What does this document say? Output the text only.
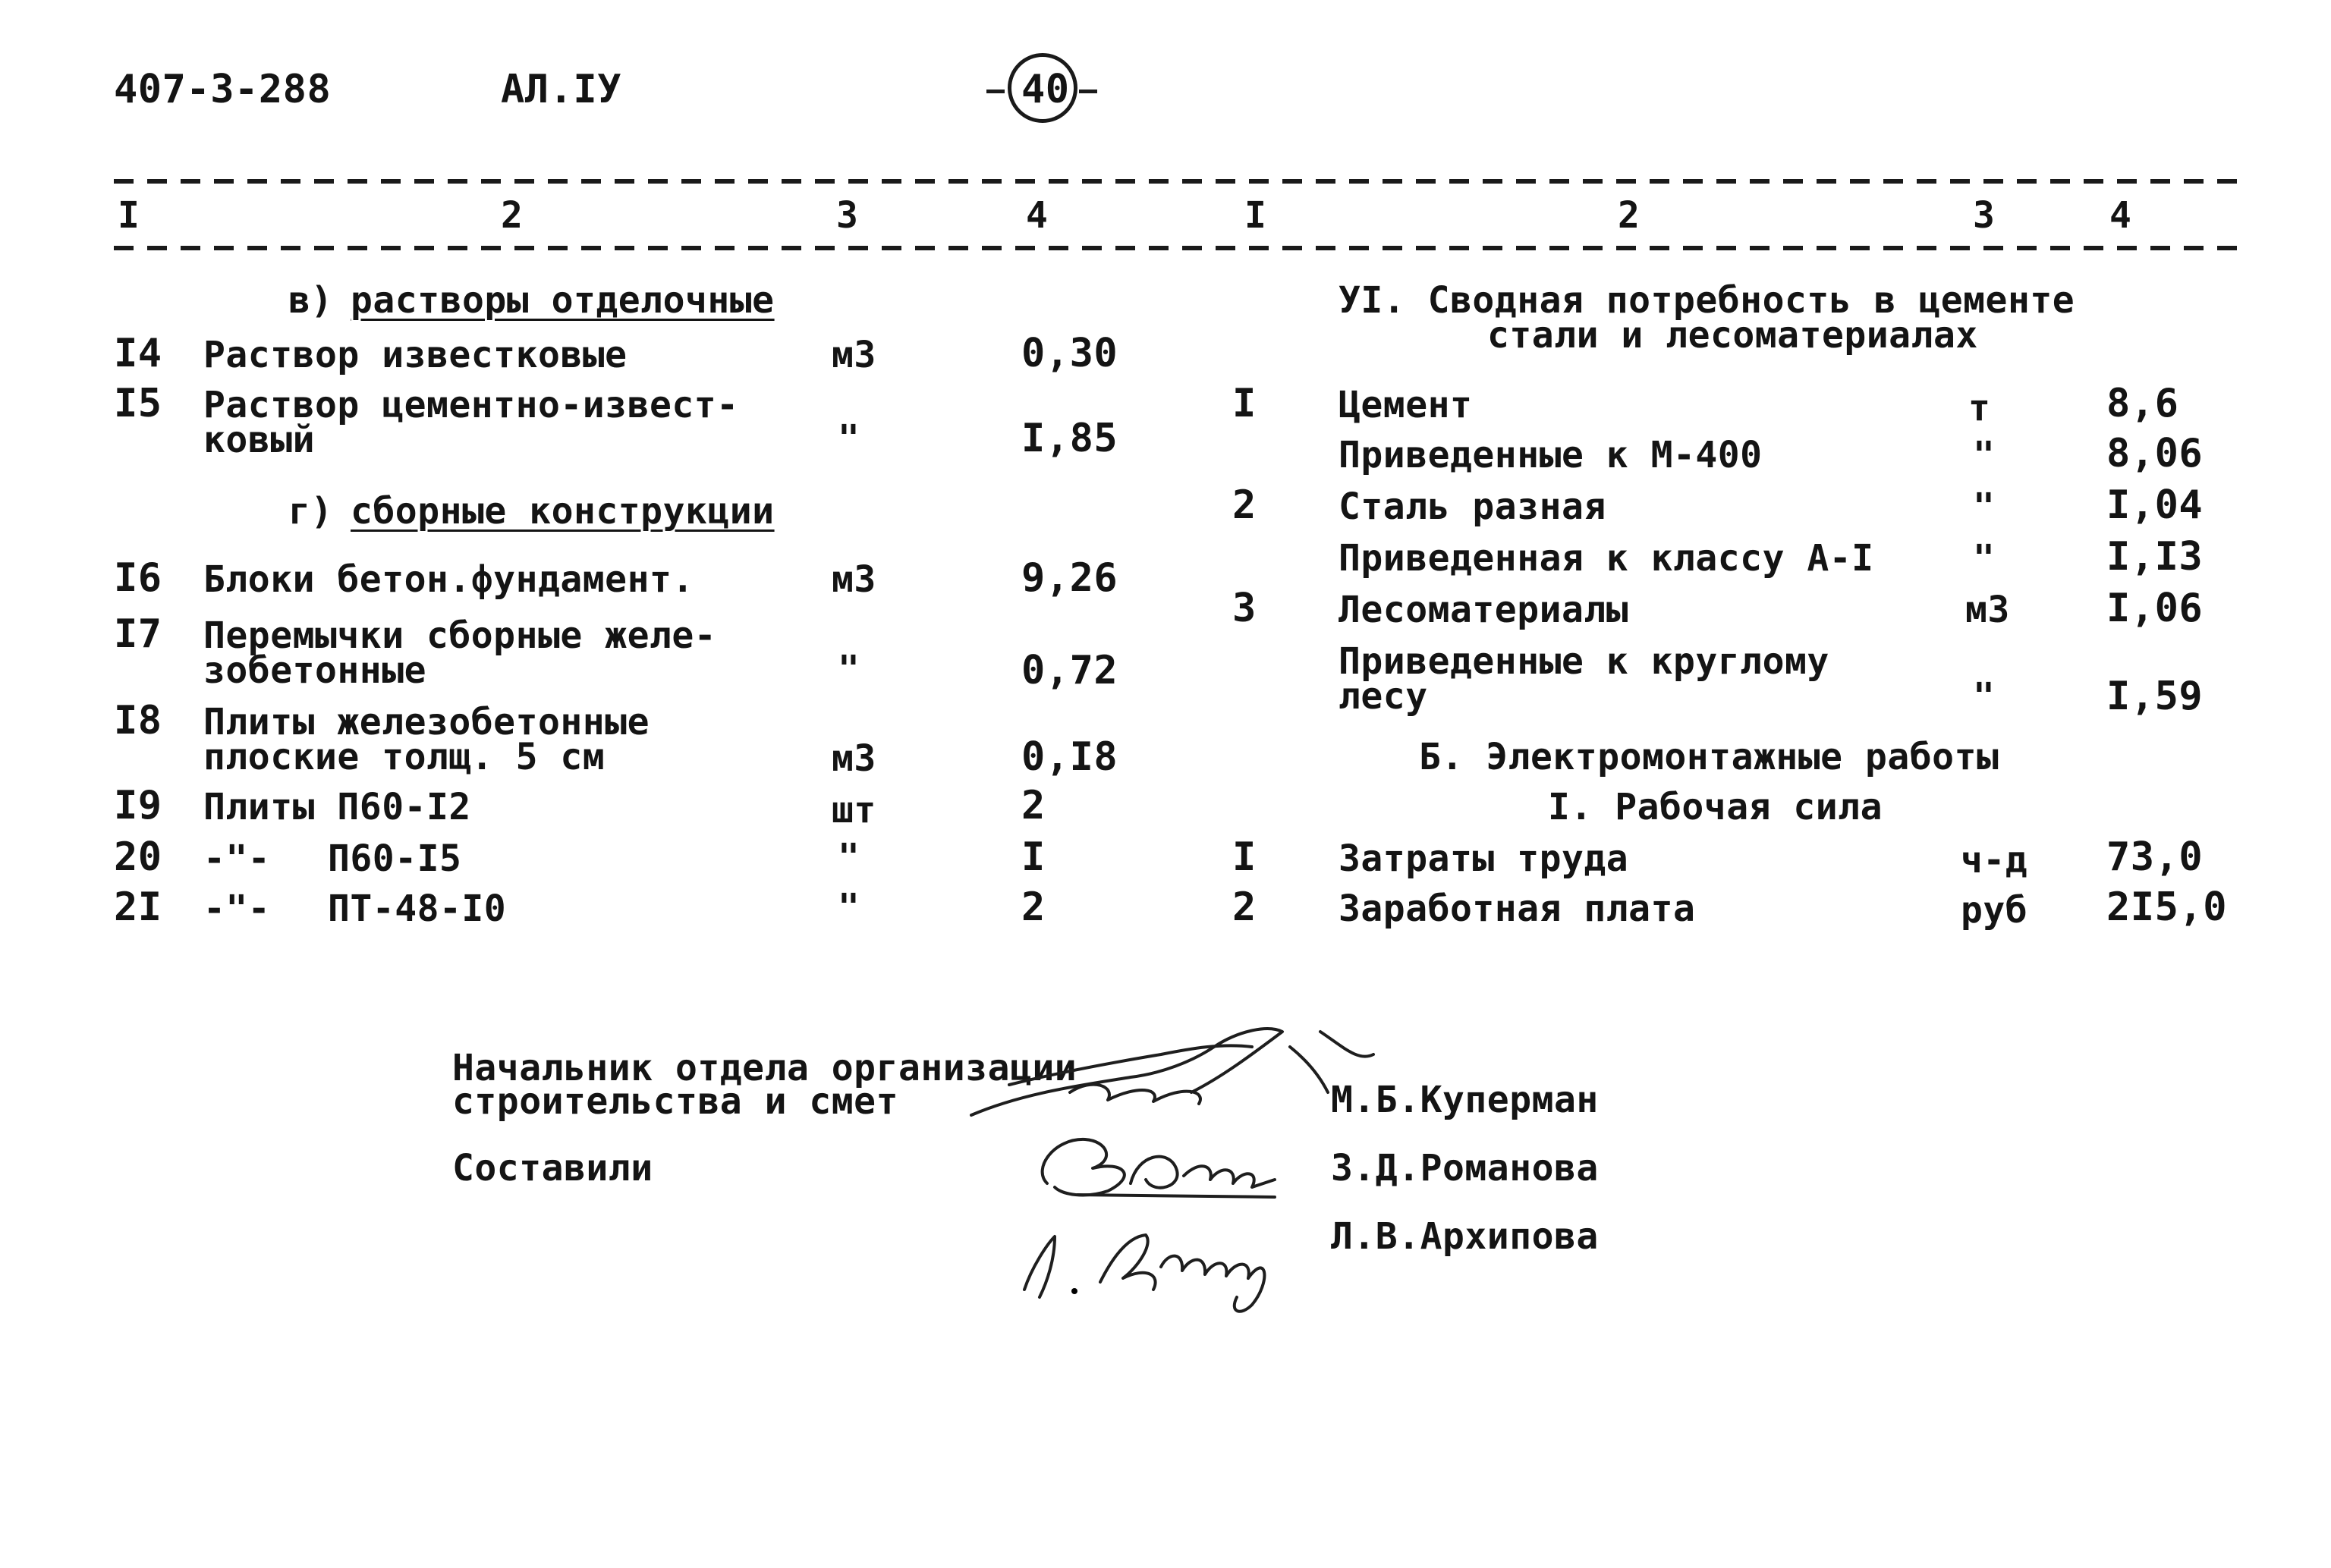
407-3-288	АЛ.IУ	40
I	2	3	4	I	2	3	4
в) растворы отделочные
I4 Раствор известковые	м3	0,30
I5 Раствор цементно-извест-
ковый	"	I,85
г) сборные конструкции
I6 Блоки бетон.фундамент.	м3	9,26
I7 Перемычки сборные желе-
зобетонные	"	0,72
I8 Плиты железобетонные
плоские толщ. 5 см	м3	0,I8
I9 Плиты П60-I2	шт	2
20 -"- П60-I5	"	I
2I -"- ПТ-48-I0	"	2
УI. Сводная потребность в цементе
стали и лесоматериалах
I Цемент	т	8,6
Приведенные к М-400	"	8,06
2 Сталь разная	"	I,04
Приведенная к классу А-I	"	I,I3
3 Лесоматериалы	м3 I,06
Приведенные к круглому
лесу	"	I,59
Б. Электромонтажные работы
I. Рабочая сила
I Затраты труда	ч-д 73,0
2 Заработная плата	руб 2I5,0
Начальник отдела организации
строительства и смет	М.Б.Куперман
Составили	З.Д.Романова
Л.В.Архипова
